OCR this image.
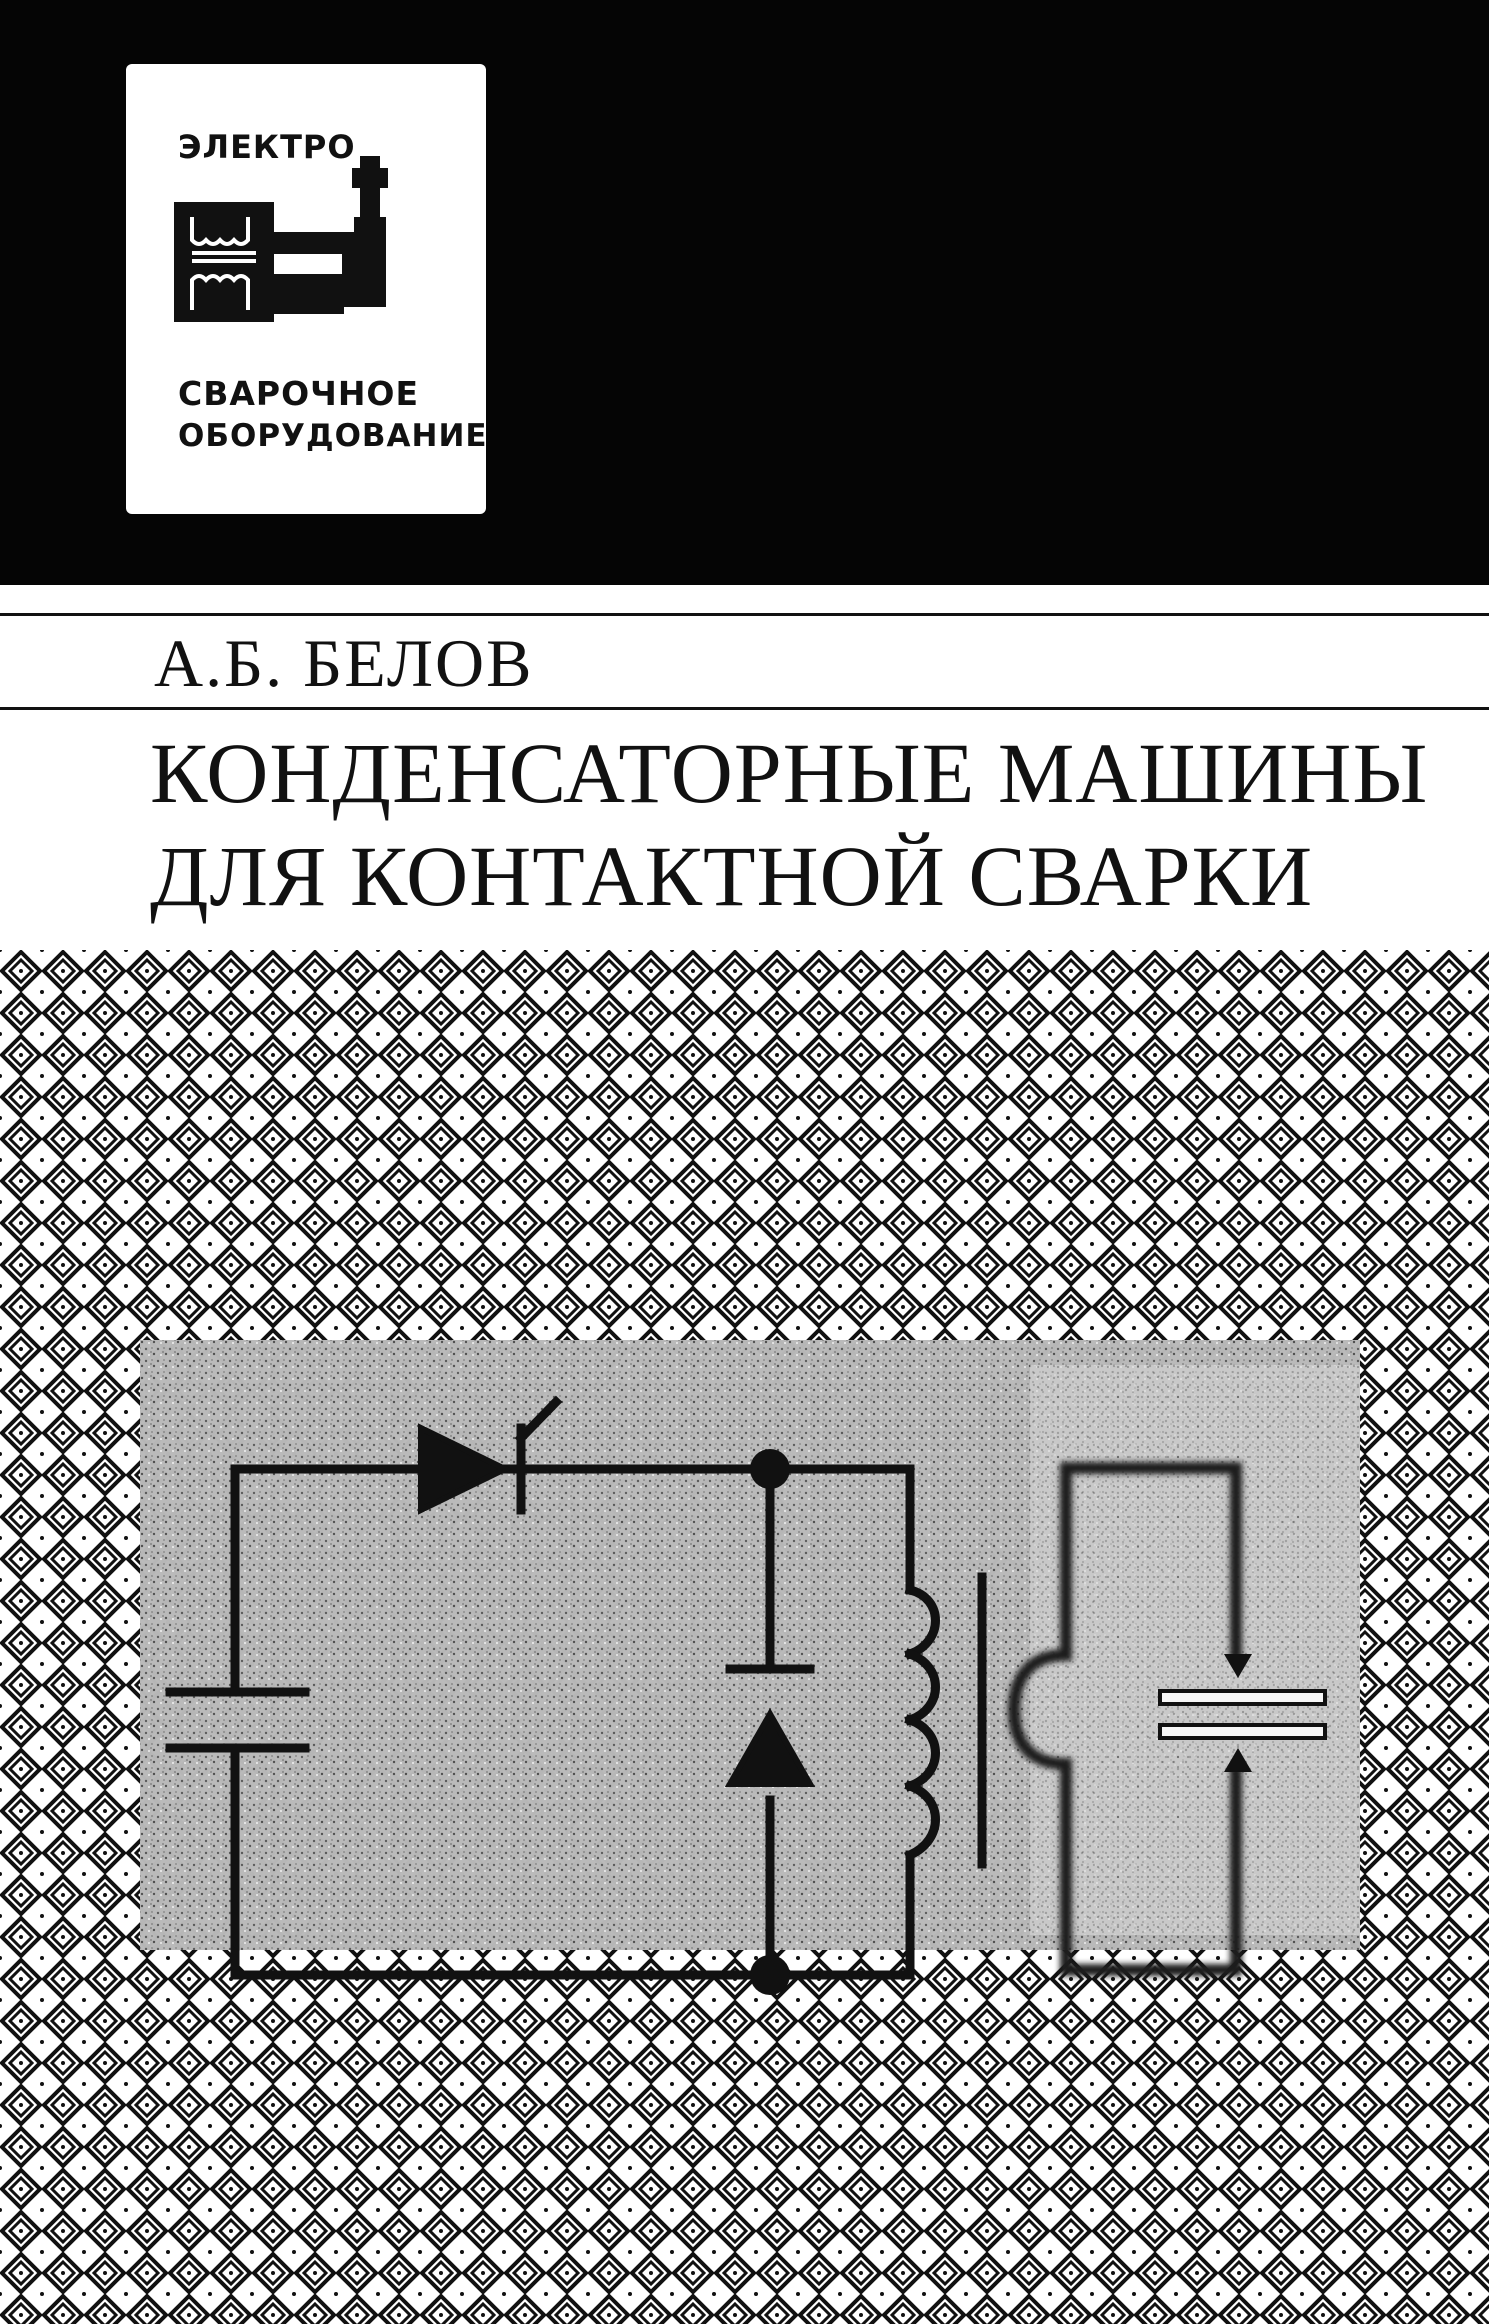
ЭЛЕКТРО
СВАРОЧНОЕ
ОБОРУДОВАНИЕ
А.Б. БЕЛОВ
КОНДЕНСАТОРНЫЕ МАШИНЫ
ДЛЯ КОНТАКТНОЙ СВАРКИ
